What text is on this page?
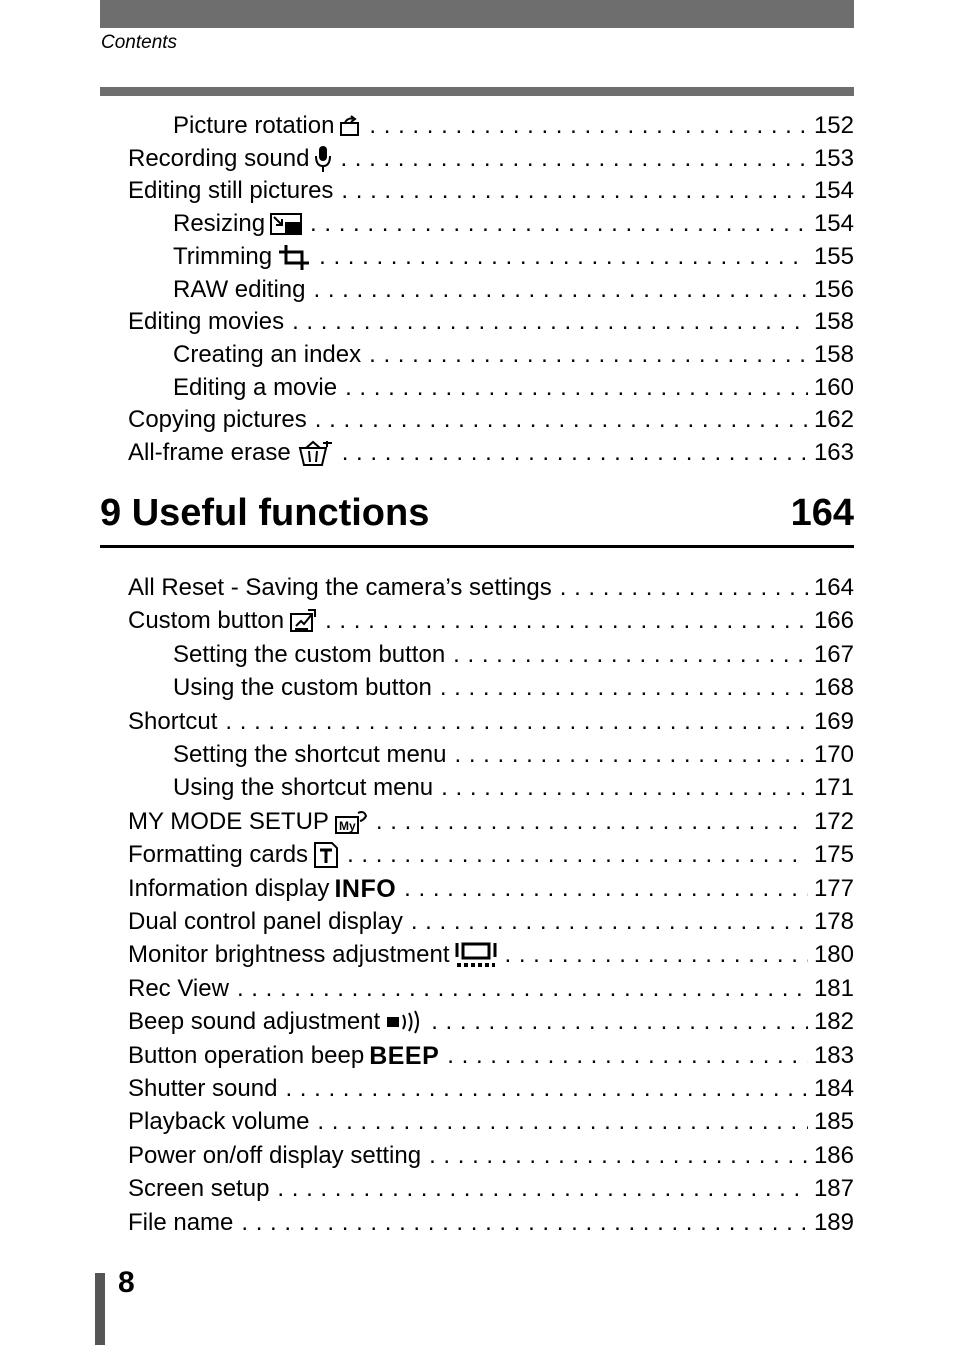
Contents
Picture rotation . . .	152
Recording sound . . .	153
Editing still pictures . . .	154
Resizing . . .	154
Trimming . . .	155
RAW editing . . .	156
Editing movies . . .	158
Creating an index . . .	158
Editing a movie . . .	160
Copying pictures . . .	162
All-frame erase . . .	163
9 Useful functions	164
All Reset - Saving the camera’s settings . . .	164
Custom button . . .	166
Setting the custom button . . .	167
Using the custom button . . .	168
Shortcut . . .	169
Setting the shortcut menu . . .	170
Using the shortcut menu . . .	171
MY MODE SETUP My . . .	172
Formatting cards . . .	175
Information display INFO . . .	177
Dual control panel display . . .	178
Monitor brightness adjustment . . .	180
Rec View . . .	181
Beep sound adjustment . . .	182
Button operation beep BEEP . . .	183
Shutter sound . . .	184
Playback volume . . .	185
Power on/off display setting . . .	186
Screen setup . . .	187
File name . . .	189
8
